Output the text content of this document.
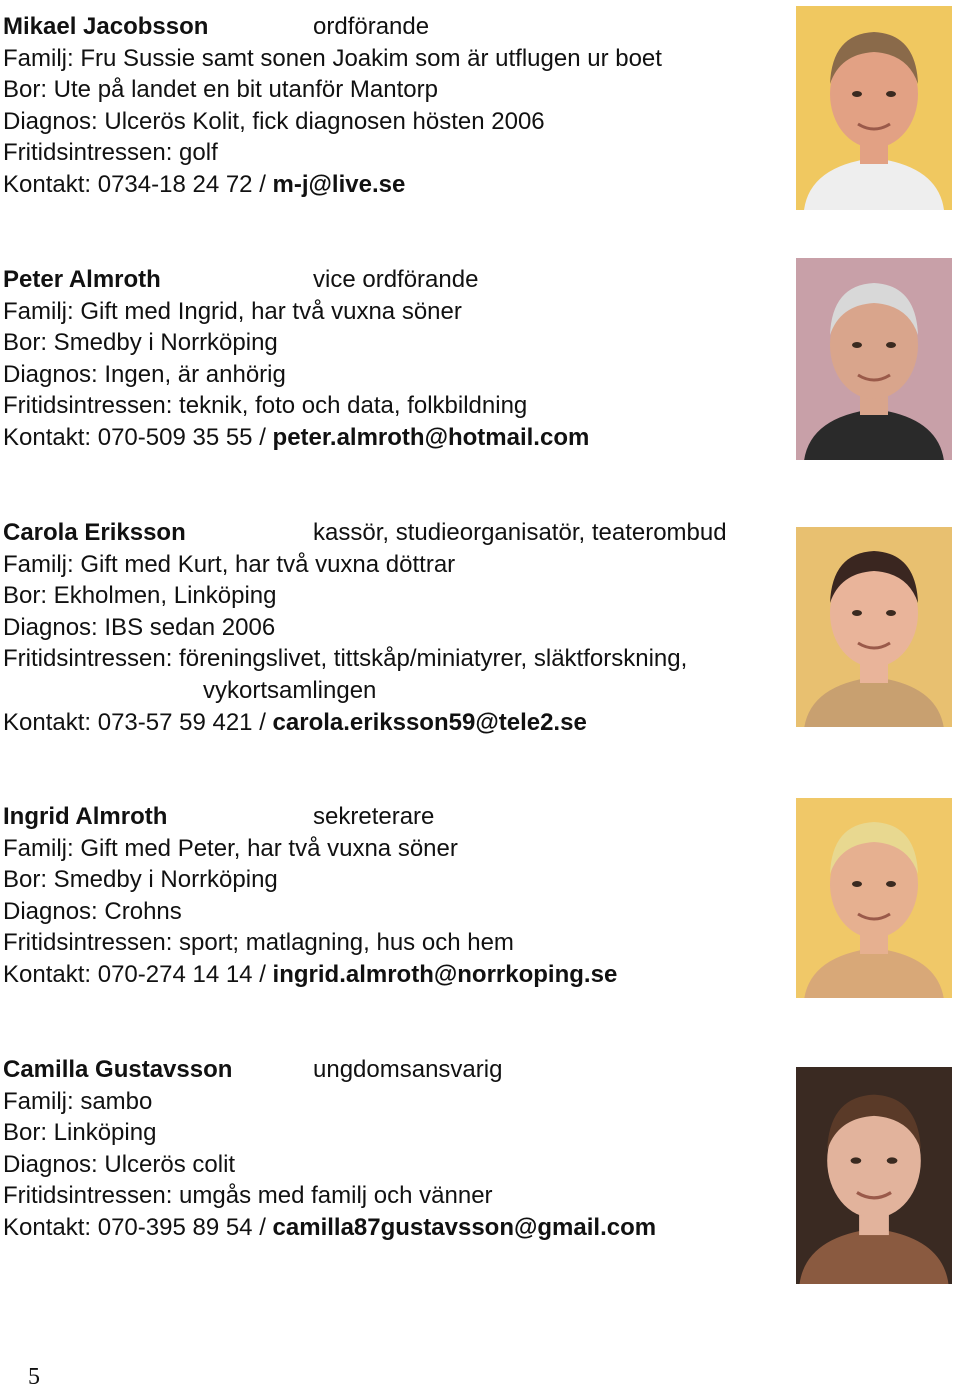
Mikael Jacobsson	ordförande
Familj: Fru Sussie samt sonen Joakim som är utflugen ur boet
Bor: Ute på landet en bit utanför Mantorp
Diagnos: Ulcerös Kolit, fick diagnosen hösten 2006
Fritidsintressen: golf
Kontakt: 0734-18 24 72 / m-j@live.se
Peter Almroth	vice ordförande
Familj: Gift med Ingrid, har två vuxna söner
Bor: Smedby i Norrköping
Diagnos: Ingen, är anhörig
Fritidsintressen: teknik, foto och data, folkbildning
Kontakt: 070-509 35 55 / peter.almroth@hotmail.com
Carola Eriksson	kassör, studieorganisatör, teaterombud
Familj: Gift med Kurt, har två vuxna döttrar
Bor: Ekholmen, Linköping
Diagnos: IBS sedan 2006
Fritidsintressen: föreningslivet, tittskåp/miniatyrer, släktforskning,
vykortsamlingen
Kontakt: 073-57 59 421 / carola.eriksson59@tele2.se
Ingrid Almroth	sekreterare
Familj: Gift med Peter, har två vuxna söner
Bor: Smedby i Norrköping
Diagnos: Crohns
Fritidsintressen: sport; matlagning, hus och hem
Kontakt: 070-274 14 14 / ingrid.almroth@norrkoping.se
Camilla Gustavsson	ungdomsansvarig
Familj: sambo
Bor: Linköping
Diagnos: Ulcerös colit
Fritidsintressen: umgås med familj och vänner
Kontakt: 070-395 89 54 / camilla87gustavsson@gmail.com
5
